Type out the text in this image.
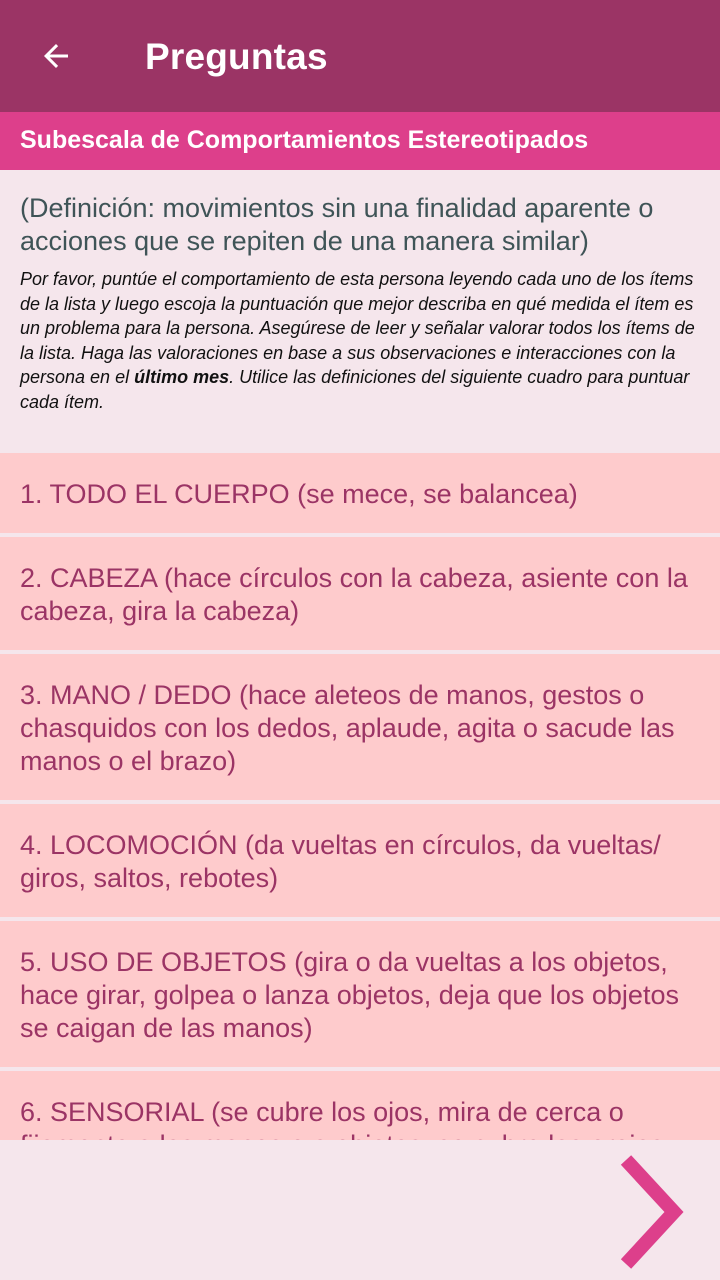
Preguntas
Subescala de Comportamientos Estereotipados
(Definición: movimientos sin una finalidad aparente o acciones que se repiten de una manera similar)
Por favor, puntúe el comportamiento de esta persona leyendo cada uno de los ítems de la lista y luego escoja la puntuación que mejor describa en qué medida el ítem es un problema para la persona. Asegúrese de leer y señalar valorar todos los ítems de la lista. Haga las valoraciones en base a sus observaciones e interacciones con la persona en el último mes. Utilice las definiciones del siguiente cuadro para puntuar cada ítem.
1. TODO EL CUERPO (se mece, se balancea)
2. CABEZA (hace círculos con la cabeza, asiente con la cabeza, gira la cabeza)
3. MANO / DEDO (hace aleteos de manos, gestos o chasquidos con los dedos, aplaude, agita o sacude las manos o el brazo)
4. LOCOMOCIÓN (da vueltas en círculos, da vueltas/ giros, saltos, rebotes)
5. USO DE OBJETOS (gira o da vueltas a los objetos, hace girar, golpea o lanza objetos, deja que los objetos se caigan de las manos)
6. SENSORIAL (se cubre los ojos, mira de cerca o
